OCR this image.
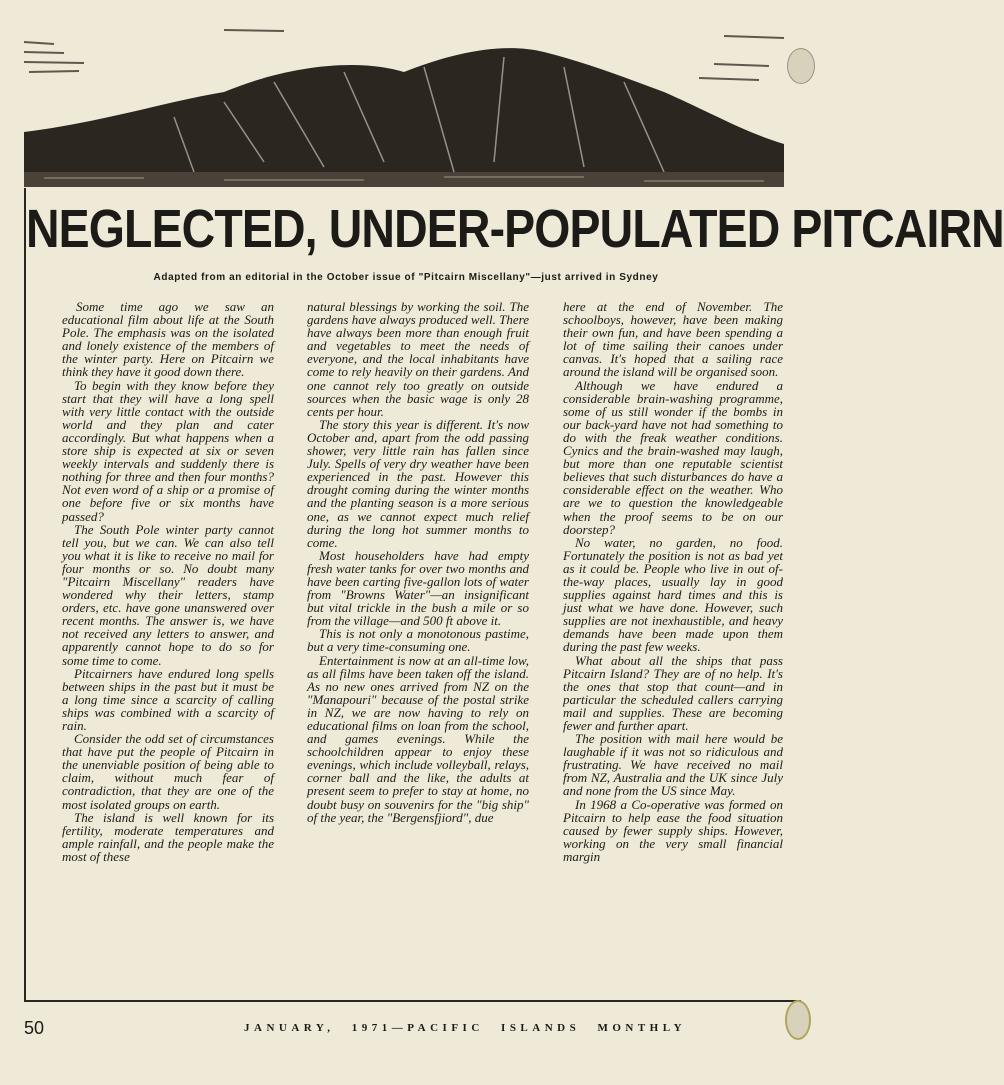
NEGLECTED, UNDER-POPULATED PITCAIRN

Adapted from an editorial in the October issue of "Pitcairn Miscellany"—just arrived in Sydney

Some time ago we saw an educational film about life at the South Pole. The emphasis was on the isolated and lonely existence of the members of the winter party. Here on Pitcairn we think they have it good down there.

To begin with they know before they start that they will have a long spell with very little contact with the outside world and they plan and cater accordingly. But what happens when a store ship is expected at six or seven weekly intervals and suddenly there is nothing for three and then four months? Not even word of a ship or a promise of one before five or six months have passed?

The South Pole winter party cannot tell you, but we can. We can also tell you what it is like to receive no mail for four months or so. No doubt many "Pitcairn Miscellany" readers have wondered why their letters, stamp orders, etc. have gone unanswered over recent months. The answer is, we have not received any letters to answer, and apparently cannot hope to do so for some time to come.

Pitcairners have endured long spells between ships in the past but it must be a long time since a scarcity of calling ships was combined with a scarcity of rain.

Consider the odd set of circumstances that have put the people of Pitcairn in the unenviable position of being able to claim, without much fear of contradiction, that they are one of the most isolated groups on earth.

The island is well known for its fertility, moderate temperatures and ample rainfall, and the people make the most of these

natural blessings by working the soil. The gardens have always produced well. There have always been more than enough fruit and vegetables to meet the needs of everyone, and the local inhabitants have come to rely heavily on their gardens. And one cannot rely too greatly on outside sources when the basic wage is only 28 cents per hour.

The story this year is different. It's now October and, apart from the odd passing shower, very little rain has fallen since July. Spells of very dry weather have been experienced in the past. However this drought coming during the winter months and the planting season is a more serious one, as we cannot expect much relief during the long hot summer months to come.

Most householders have had empty fresh water tanks for over two months and have been carting five-gallon lots of water from "Browns Water"—an insignificant but vital trickle in the bush a mile or so from the village—and 500 ft above it.

This is not only a monotonous pastime, but a very time-consuming one.

Entertainment is now at an all-time low, as all films have been taken off the island. As no new ones arrived from NZ on the "Manapouri" because of the postal strike in NZ, we are now having to rely on educational films on loan from the school, and games evenings. While the schoolchildren appear to enjoy these evenings, which include volleyball, relays, corner ball and the like, the adults at present seem to prefer to stay at home, no doubt busy on souvenirs for the "big ship" of the year, the "Bergensfjiord", due

here at the end of November. The schoolboys, however, have been making their own fun, and have been spending a lot of time sailing their canoes under canvas. It's hoped that a sailing race around the island will be organised soon.

Although we have endured a considerable brain-washing programme, some of us still wonder if the bombs in our back-yard have not had something to do with the freak weather conditions. Cynics and the brain-washed may laugh, but more than one reputable scientist believes that such disturbances do have a considerable effect on the weather. Who are we to question the knowledgeable when the proof seems to be on our doorstep?

No water, no garden, no food. Fortunately the position is not as bad yet as it could be. People who live in out of-the-way places, usually lay in good supplies against hard times and this is just what we have done. However, such supplies are not inexhaustible, and heavy demands have been made upon them during the past few weeks.

What about all the ships that pass Pitcairn Island? They are of no help. It's the ones that stop that count—and in particular the scheduled callers carrying mail and supplies. These are becoming fewer and further apart.

The position with mail here would be laughable if it was not so ridiculous and frustrating. We have received no mail from NZ, Australia and the UK since July and none from the US since May.

In 1968 a Co-operative was formed on Pitcairn to help ease the food situation caused by fewer supply ships. However, working on the very small financial margin

50	JANUARY, 1971—PACIFIC ISLANDS MONTHLY
